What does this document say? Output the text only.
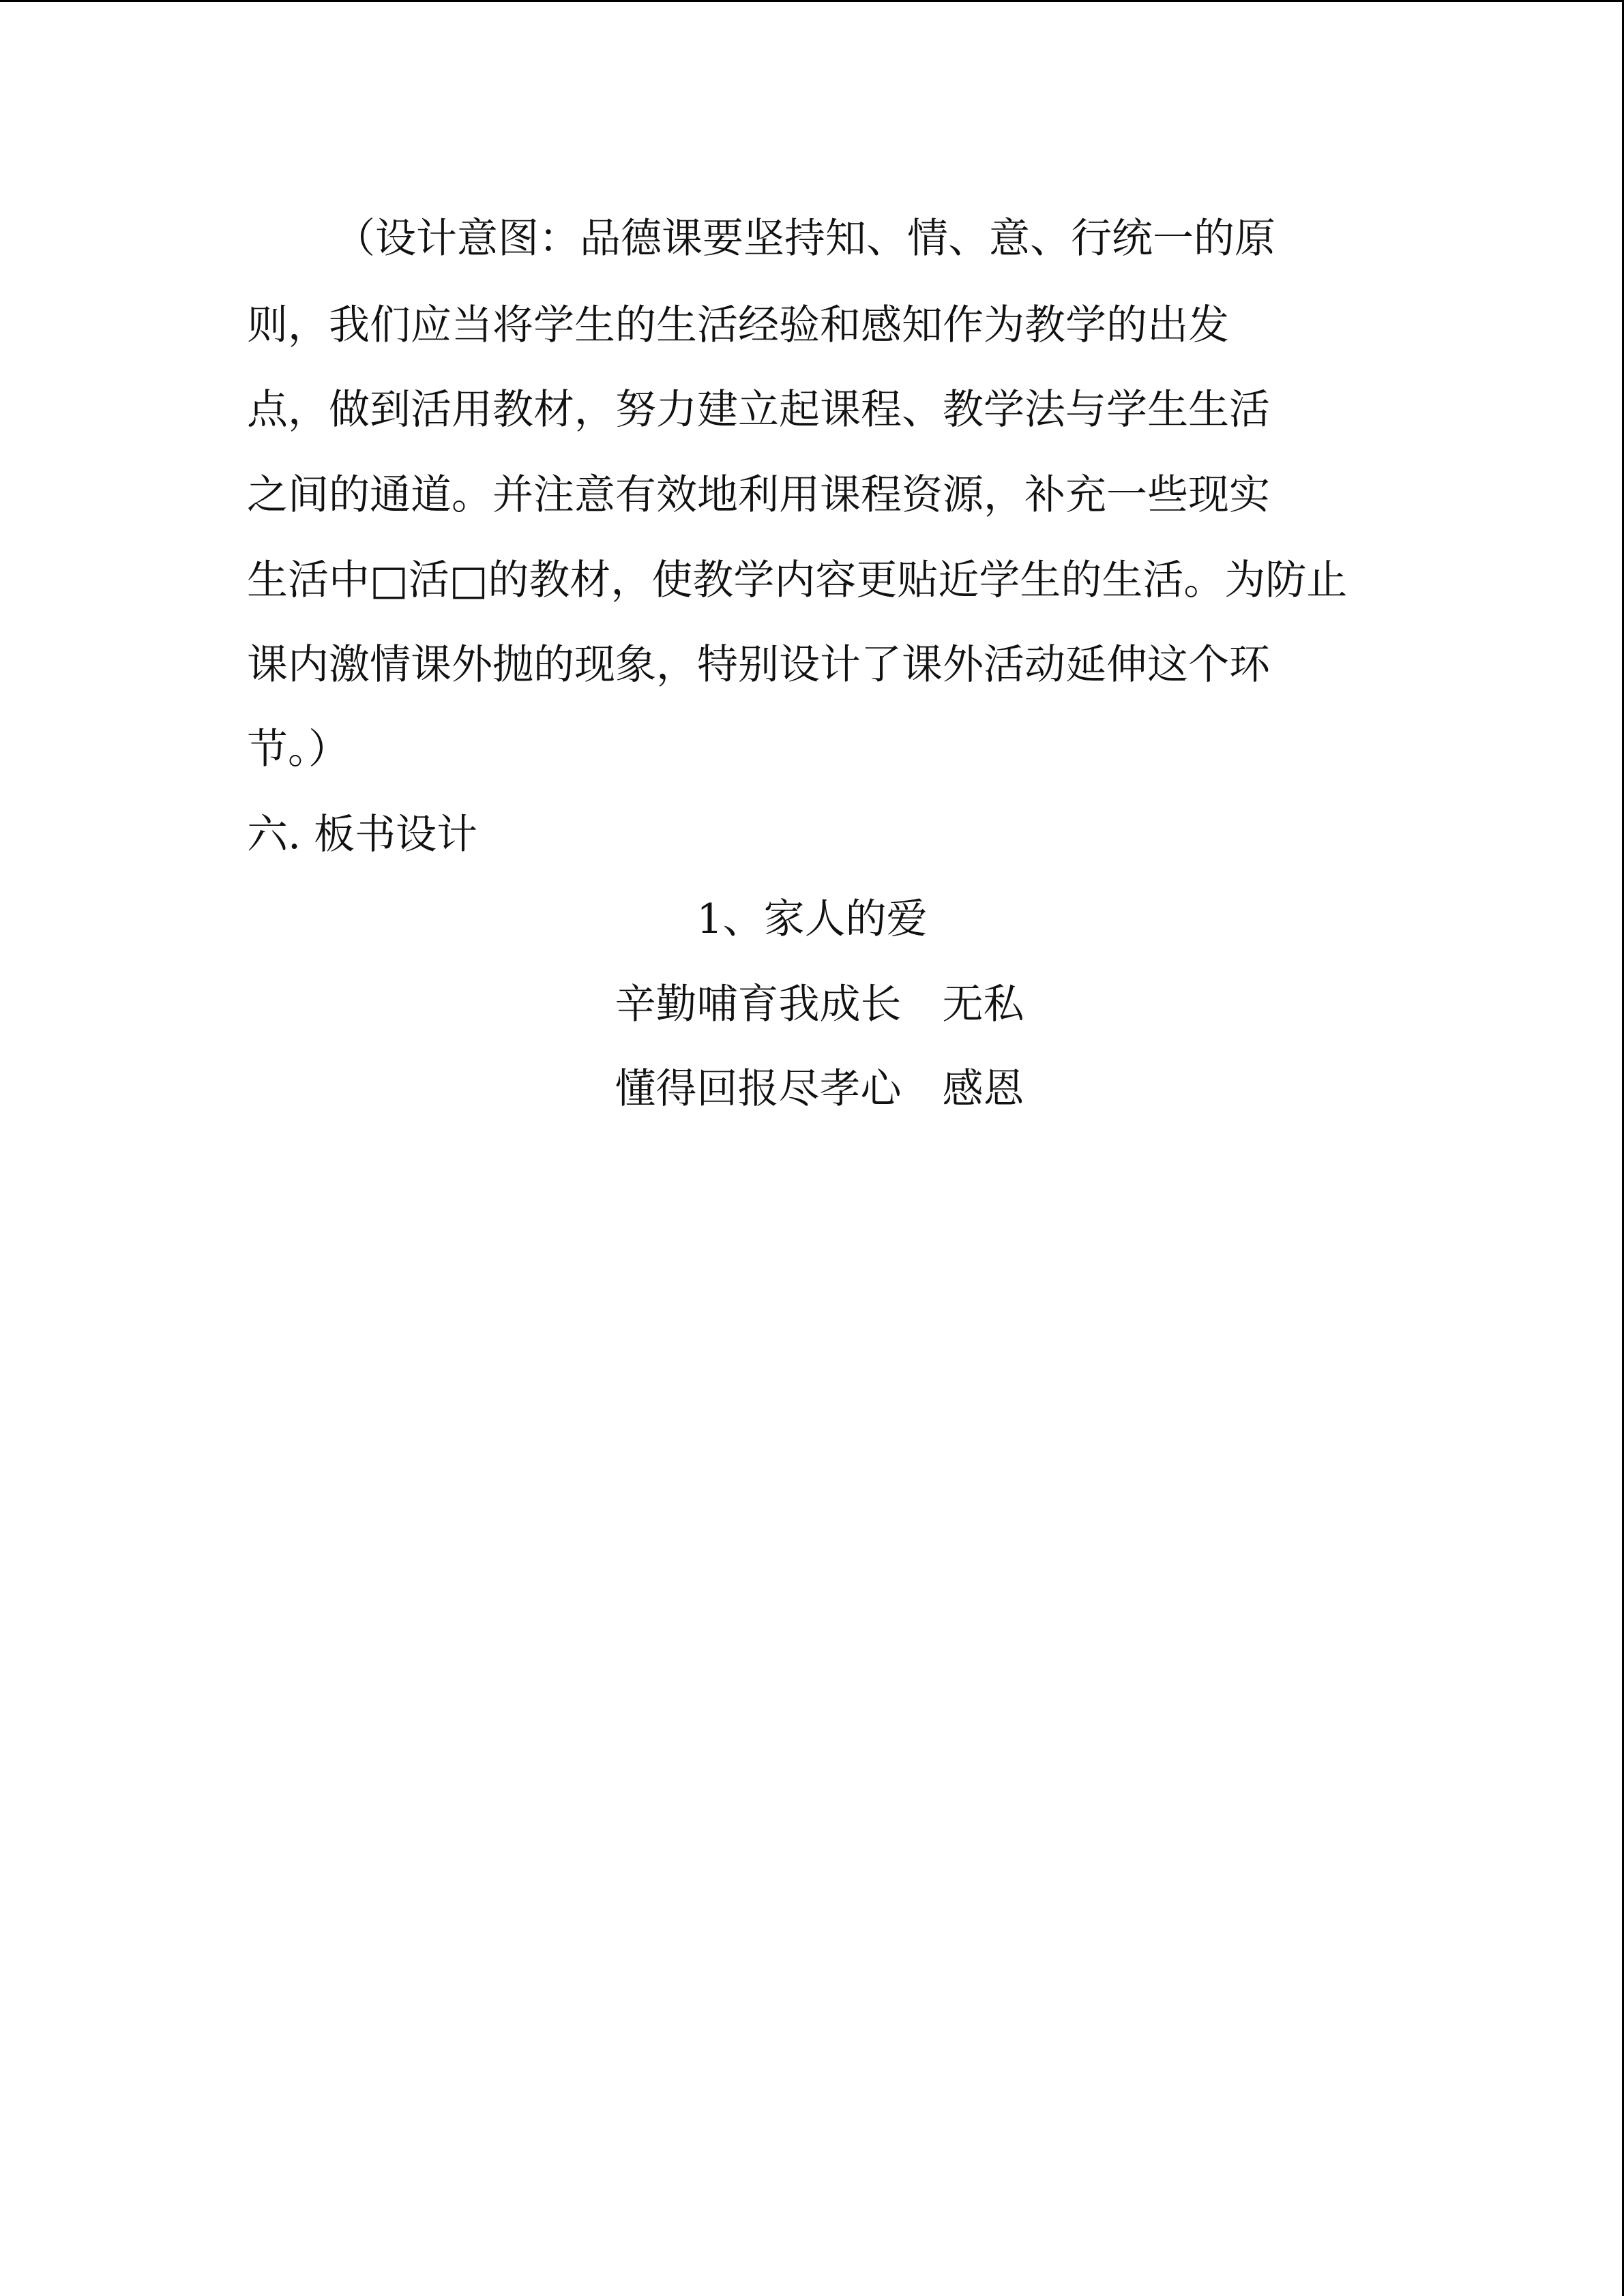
（设计意图：品德课要坚持知、情、意、行统一的原
则，我们应当将学生的生活经验和感知作为教学的出发
点，做到活用教材，努力建立起课程、教学法与学生生活
之间的通道。并注意有效地利用课程资源，补充一些现实
生活中□活□的教材，使教学内容更贴近学生的生活。为防止
课内激情课外抛的现象，特别设计了课外活动延伸这个环
节。）
六. 板书设计
1、家人的爱
辛勤哺育我成长　无私
懂得回报尽孝心　感恩
